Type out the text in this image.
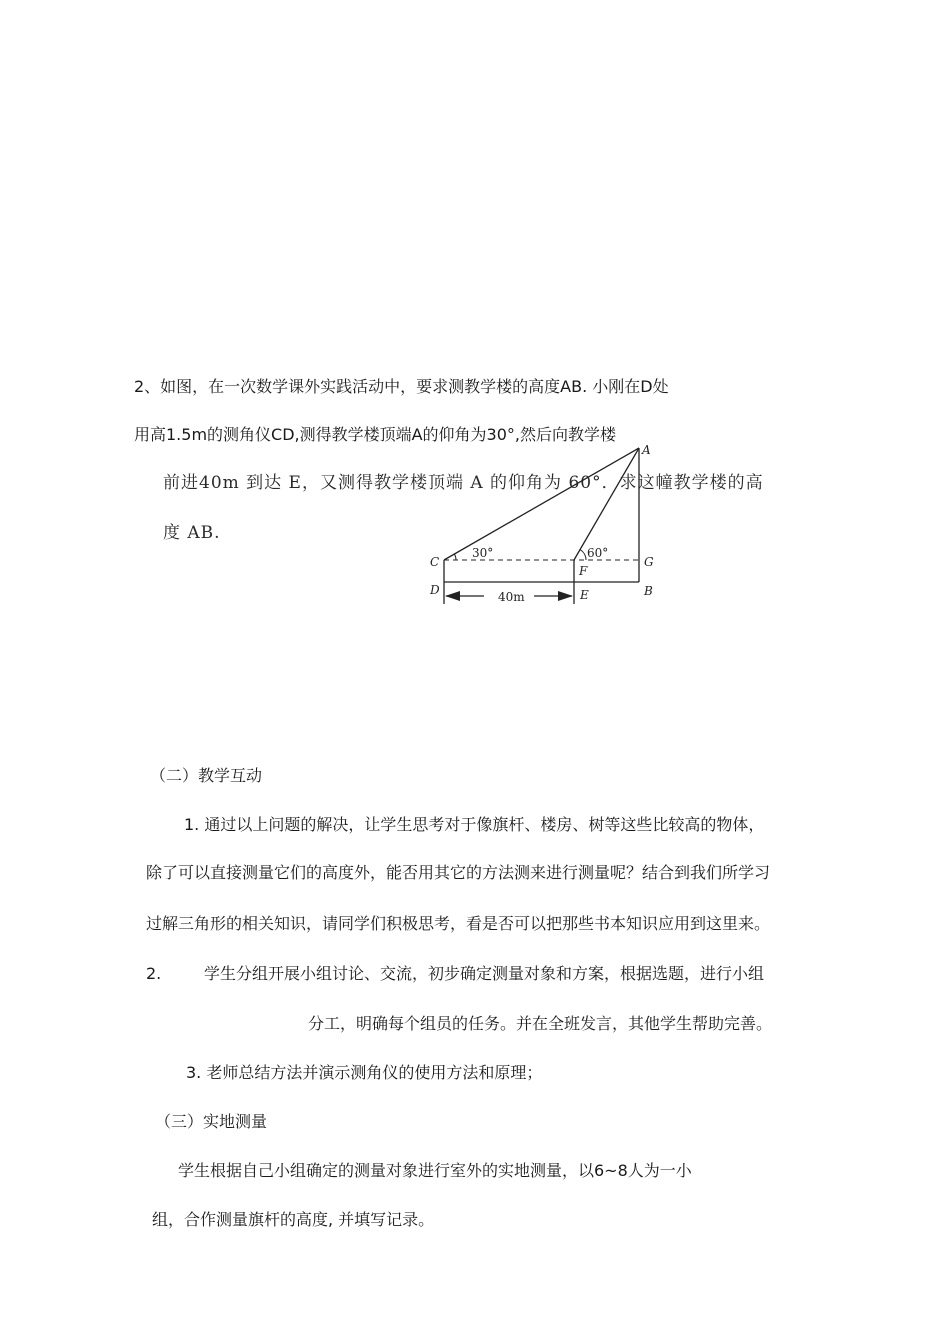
2、如图，在一次数学课外实践活动中，要求测教学楼的高度AB. 小刚在D处
用高1.5m的测角仪CD,测得教学楼顶端A的仰角为30°,然后向教学楼
前进40m 到达 E，又测得教学楼顶端 A 的仰角为 60°．求这幢教学楼的高
度 AB.
A
B
C
D	E
F
G
30°	60°
40m
（二）教学互动
1. 通过以上问题的解决，让学生思考对于像旗杆、楼房、树等这些比较高的物体，
除了可以直接测量它们的高度外，能否用其它的方法测来进行测量呢？结合到我们所学习
过解三角形的相关知识，请同学们积极思考，看是否可以把那些书本知识应用到这里来。
2.	学生分组开展小组讨论、交流，初步确定测量对象和方案，根据选题，进行小组
分工，明确每个组员的任务。并在全班发言，其他学生帮助完善。
3. 老师总结方法并演示测角仪的使用方法和原理；
（三）实地测量
学生根据自己小组确定的测量对象进行室外的实地测量，以6~8人为一小
组，合作测量旗杆的高度, 并填写记录。
